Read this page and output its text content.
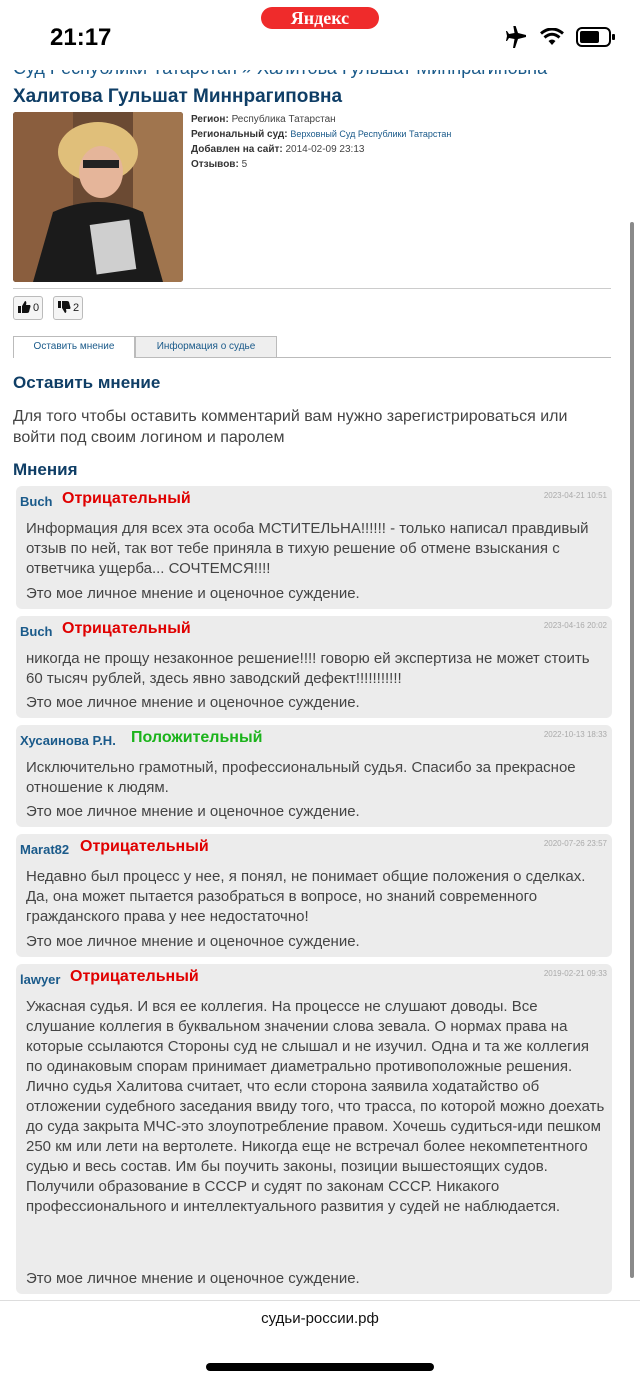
Халитова Гульшат Миннрагиповна
Регион: Республика Татарстан
Региональный суд: Верховный Суд Республики Татарстан
Добавлен на сайт: 2014-02-09 23:13
Отзывов: 5
0	2
Оставить мнение	Информация о судье
Оставить мнение
Для того чтобы оставить комментарий вам нужно зарегистрироваться или войти под своим логином и паролем
Мнения
Buch Отрицательный	2023-04-21 10:51
Информация для всех эта особа МСТИТЕЛЬНА!!!!!! - только написал правдивый отзыв по ней, так вот тебе приняла в тихую решение об отмене взыскания с ответчика ущерба... СОЧТЕМСЯ!!!!
Это мое личное мнение и оценочное суждение.
Buch Отрицательный	2023-04-16 20:02
никогда не прощу незаконное решение!!!! говорю ей экспертиза не может стоить 60 тысяч рублей, здесь явно заводский дефект!!!!!!!!!!!
Это мое личное мнение и оценочное суждение.
Хусаинова Р.Н. Положительный	2022-10-13 18:33
Исключительно грамотный, профессиональный судья. Спасибо за прекрасное отношение к людям.
Это мое личное мнение и оценочное суждение.
Marat82 Отрицательный	2020-07-26 23:57
Недавно был процесс у нее, я понял, не понимает общие положения о сделках. Да, она может пытается разобраться в вопросе, но знаний современного гражданского права у нее недостаточно!
Это мое личное мнение и оценочное суждение.
lawyer Отрицательный	2019-02-21 09:33
Ужасная судья. И вся ее коллегия. На процессе не слушают доводы. Все слушание коллегия в буквальном значении слова зевала. О нормах права на которые ссылаются Стороны суд не слышал и не изучил. Одна и та же коллегия по одинаковым спорам принимает диаметрально противоположные решения. Лично судья Халитова считает, что если сторона заявила ходатайство об отложении судебного заседания ввиду того, что трасса, по которой можно доехать до суда закрыта МЧС-это злоупотребление правом. Хочешь судиться-иди пешком 250 км или лети на вертолете. Никогда еще не встречал более некомпетентного судью и весь состав. Им бы поучить законы, позиции вышестоящих судов. Получили образование в СССР и судят по законам СССР. Никакого профессионального и интеллектуального развития у судей не наблюдается.
Это мое личное мнение и оценочное суждение.
21:17
Яндекс
судьи-россии.рф
